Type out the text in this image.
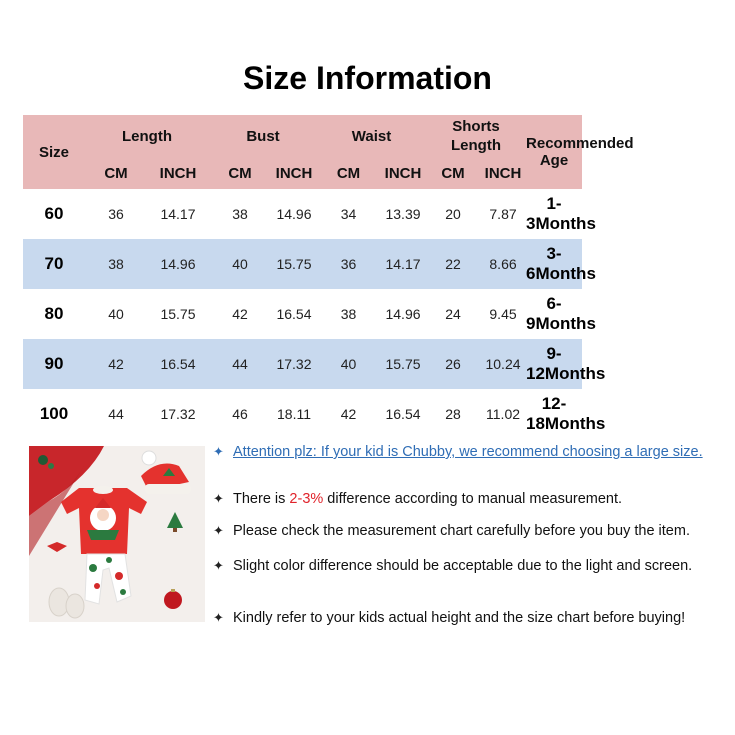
Size Information
Size	Length		Bust		Waist		Shorts
Length		Recommended Age
	CM	INCH	CM	INCH	CM	INCH	CM	INCH	
60	36	14.17	38	14.96	34	13.39	20	7.87	1-3Months
70	38	14.96	40	15.75	36	14.17	22	8.66	3-6Months
80	40	15.75	42	16.54	38	14.96	24	9.45	6-9Months
90	42	16.54	44	17.32	40	15.75	26	10.24	9-12Months
100	44	17.32	46	18.11	42	16.54	28	11.02	12-18Months
✦ Attention plz: If your kid is Chubby, we recommend choosing a large size.
✦ There is 2-3% difference according to manual measurement.
✦ Please check the measurement chart carefully before you buy the item.
✦ Slight color difference should be acceptable due to the light and screen.
✦ Kindly refer to your kids actual height and the size chart before buying!
